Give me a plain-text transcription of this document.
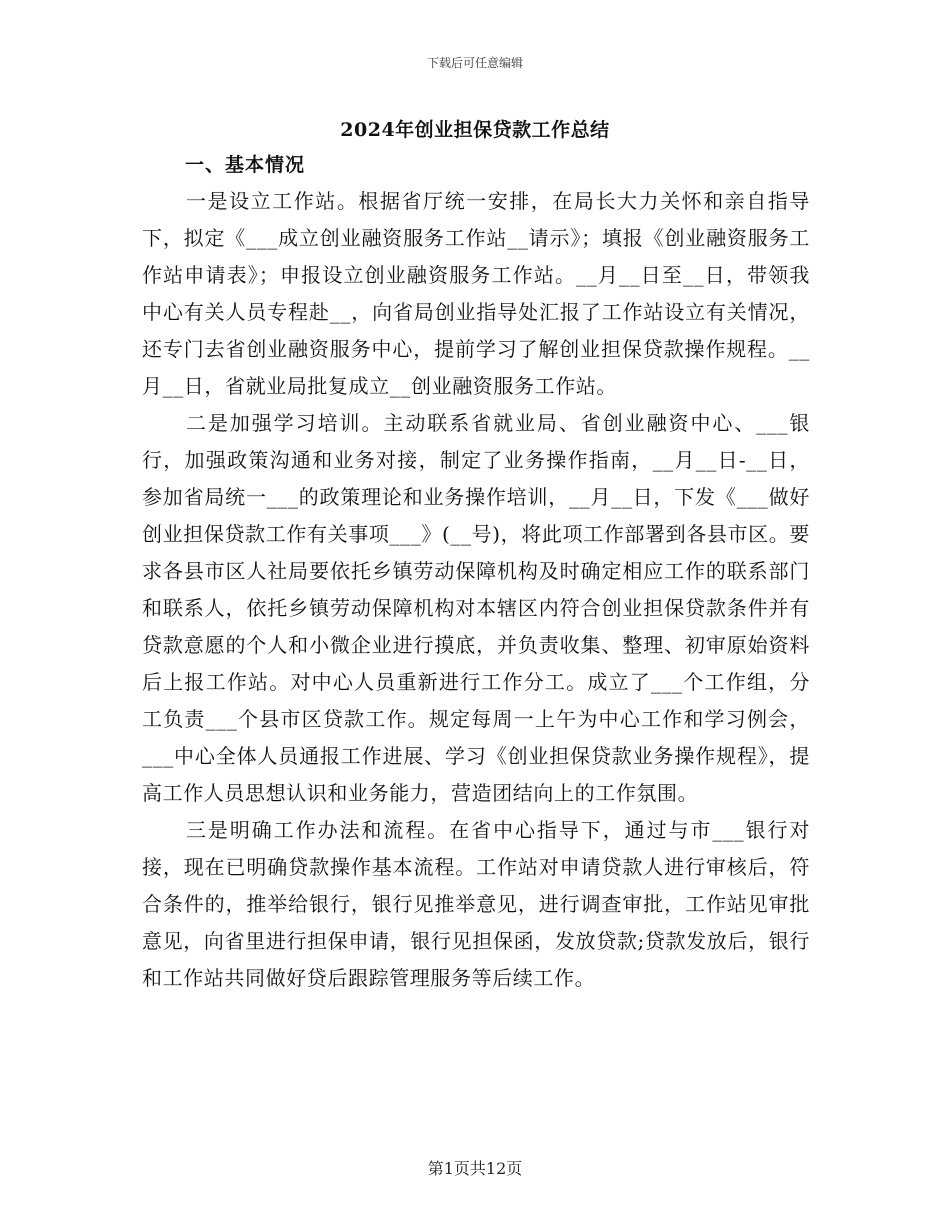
下载后可任意编辑
2024年创业担保贷款工作总结
一、基本情况

一是设立工作站。根据省厅统一安排，在局长大力关怀和亲自指导下，拟定《___成立创业融资服务工作站__请示》；填报《创业融资服务工作站申请表》；申报设立创业融资服务工作站。__月__日至__日，带领我中心有关人员专程赴__，向省局创业指导处汇报了工作站设立有关情况，还专门去省创业融资服务中心，提前学习了解创业担保贷款操作规程。__月__日，省就业局批复成立__创业融资服务工作站。

二是加强学习培训。主动联系省就业局、省创业融资中心、___银行，加强政策沟通和业务对接，制定了业务操作指南，__月__日-__日，参加省局统一___的政策理论和业务操作培训，__月__日，下发《___做好创业担保贷款工作有关事项___》(__号)，将此项工作部署到各县市区。要求各县市区人社局要依托乡镇劳动保障机构及时确定相应工作的联系部门和联系人，依托乡镇劳动保障机构对本辖区内符合创业担保贷款条件并有贷款意愿的个人和小微企业进行摸底，并负责收集、整理、初审原始资料后上报工作站。对中心人员重新进行工作分工。成立了___个工作组，分工负责___个县市区贷款工作。规定每周一上午为中心工作和学习例会，___中心全体人员通报工作进展、学习《创业担保贷款业务操作规程》，提高工作人员思想认识和业务能力，营造团结向上的工作氛围。

三是明确工作办法和流程。在省中心指导下，通过与市___银行对接，现在已明确贷款操作基本流程。工作站对申请贷款人进行审核后，符合条件的，推举给银行，银行见推举意见，进行调查审批，工作站见审批意见，向省里进行担保申请，银行见担保函，发放贷款;贷款发放后，银行和工作站共同做好贷后跟踪管理服务等后续工作。

第1页共12页
